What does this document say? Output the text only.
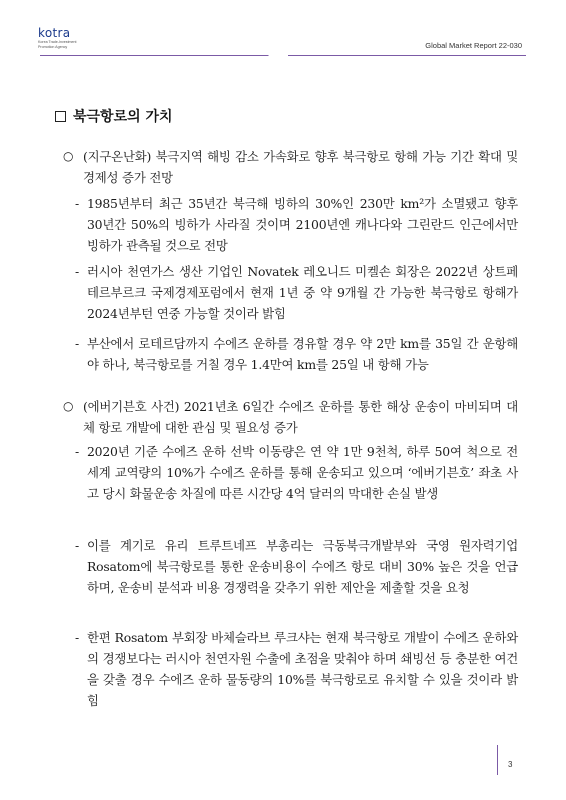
kotra
Korea Trade-Investment
Promotion Agency	Global Market Report 22-030
북극항로의 가치
○ (지구온난화) 북극지역 해빙 감소 가속화로 향후 북극항로 항해 가능 기간 확대 및 경제성 증가 전망
- 1985년부터 최근 35년간 북극해 빙하의 30%인 230만 km²가 소멸됐고 향후 30년간 50%의 빙하가 사라질 것이며 2100년엔 캐나다와 그린란드 인근에서만 빙하가 관측될 것으로 전망
- 러시아 천연가스 생산 기업인 Novatek 레오니드 미켈손 회장은 2022년 상트페테르부르크 국제경제포럼에서 현재 1년 중 약 9개월 간 가능한 북극항로 항해가 2024년부턴 연중 가능할 것이라 밝힘
- 부산에서 로테르담까지 수에즈 운하를 경유할 경우 약 2만 km를 35일 간 운항해야 하나, 북극항로를 거칠 경우 1.4만여 km를 25일 내 항해 가능
○ (에버기븐호 사건) 2021년초 6일간 수에즈 운하를 통한 해상 운송이 마비되며 대체 항로 개발에 대한 관심 및 필요성 증가
- 2020년 기준 수에즈 운하 선박 이동량은 연 약 1만 9천척, 하루 50여 척으로 전 세계 교역량의 10%가 수에즈 운하를 통해 운송되고 있으며 ‘에버기븐호’ 좌초 사고 당시 화물운송 차질에 따른 시간당 4억 달러의 막대한 손실 발생
- 이를 계기로 유리 트루트네프 부총리는 극동북극개발부와 국영 원자력기업 Rosatom에 북극항로를 통한 운송비용이 수에즈 항로 대비 30% 높은 것을 언급하며, 운송비 분석과 비용 경쟁력을 갖추기 위한 제안을 제출할 것을 요청
- 한편 Rosatom 부회장 바체슬라브 루크샤는 현재 북극항로 개발이 수에즈 운하와의 경쟁보다는 러시아 천연자원 수출에 초점을 맞춰야 하며 쇄빙선 등 충분한 여건을 갖출 경우 수에즈 운하 물동량의 10%를 북극항로로 유치할 수 있을 것이라 밝힘
3
